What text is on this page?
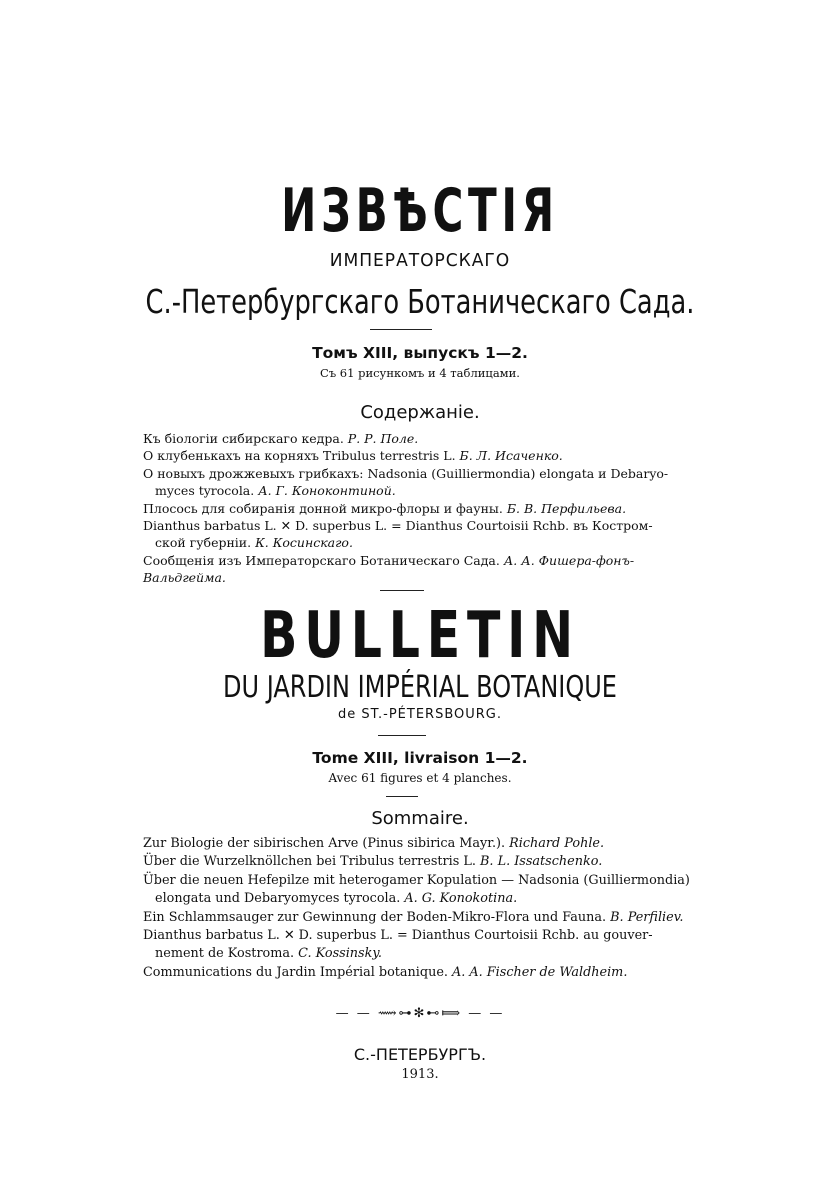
ИЗВѢСТІЯ
ИМПЕРАТОРСКАГО
С.-Петербургскаго Ботаническаго Сада.
Томъ XIII, выпускъ 1—2.
Съ 61 рисункомъ и 4 таблицами.
Содержаніе.

Къ біологіи сибирскаго кедра. Р. Р. Поле.

О клубенькахъ на корняхъ Tribulus terrestris L. Б. Л. Исаченко.

О новыхъ дрожжевыхъ грибкахъ: Nadsonia (Guilliermondia) elongata и Debaryo-

myces tyrocola. А. Г. Коноконтиной.

Плосось для собиранія донной микро-флоры и фауны. Б. В. Перфильева.

Dianthus barbatus L. ✕ D. superbus L. = Dianthus Courtoisii Rchb. въ Костром-

ской губерніи. К. Косинскаго.

Сообщенія изъ Императорскаго Ботаническаго Сада. А. А. Фишера-фонъ-Вальдгейма.

BULLETIN
DU JARDIN IMPÉRIAL BOTANIQUE
de ST.-PÉTERSBOURG.
Tome XIII, livraison 1—2.
Avec 61 figures et 4 planches.
Sommaire.

Zur Biologie der sibirischen Arve (Pinus sibirica Mayr.). Richard Pohle.

Über die Wurzelknöllchen bei Tribulus terrestris L. B. L. Issatschenko.

Über die neuen Hefepilze mit heterogamer Kopulation — Nadsonia (Guilliermondia)

elongata und Debaryomyces tyrocola. A. G. Konokotina.

Ein Schlammsauger zur Gewinnung der Boden-Mikro-Flora und Fauna. B. Perfiliev.

Dianthus barbatus L. ✕ D. superbus L. = Dianthus Courtoisii Rchb. au gouver-

nement de Kostroma. C. Kossinsky.

Communications du Jardin Impérial botanique. A. A. Fischer de Waldheim.

— — ⟿⊶✻⊷⟾ — —
С.-ПЕТЕРБУРГЪ.
1913.
